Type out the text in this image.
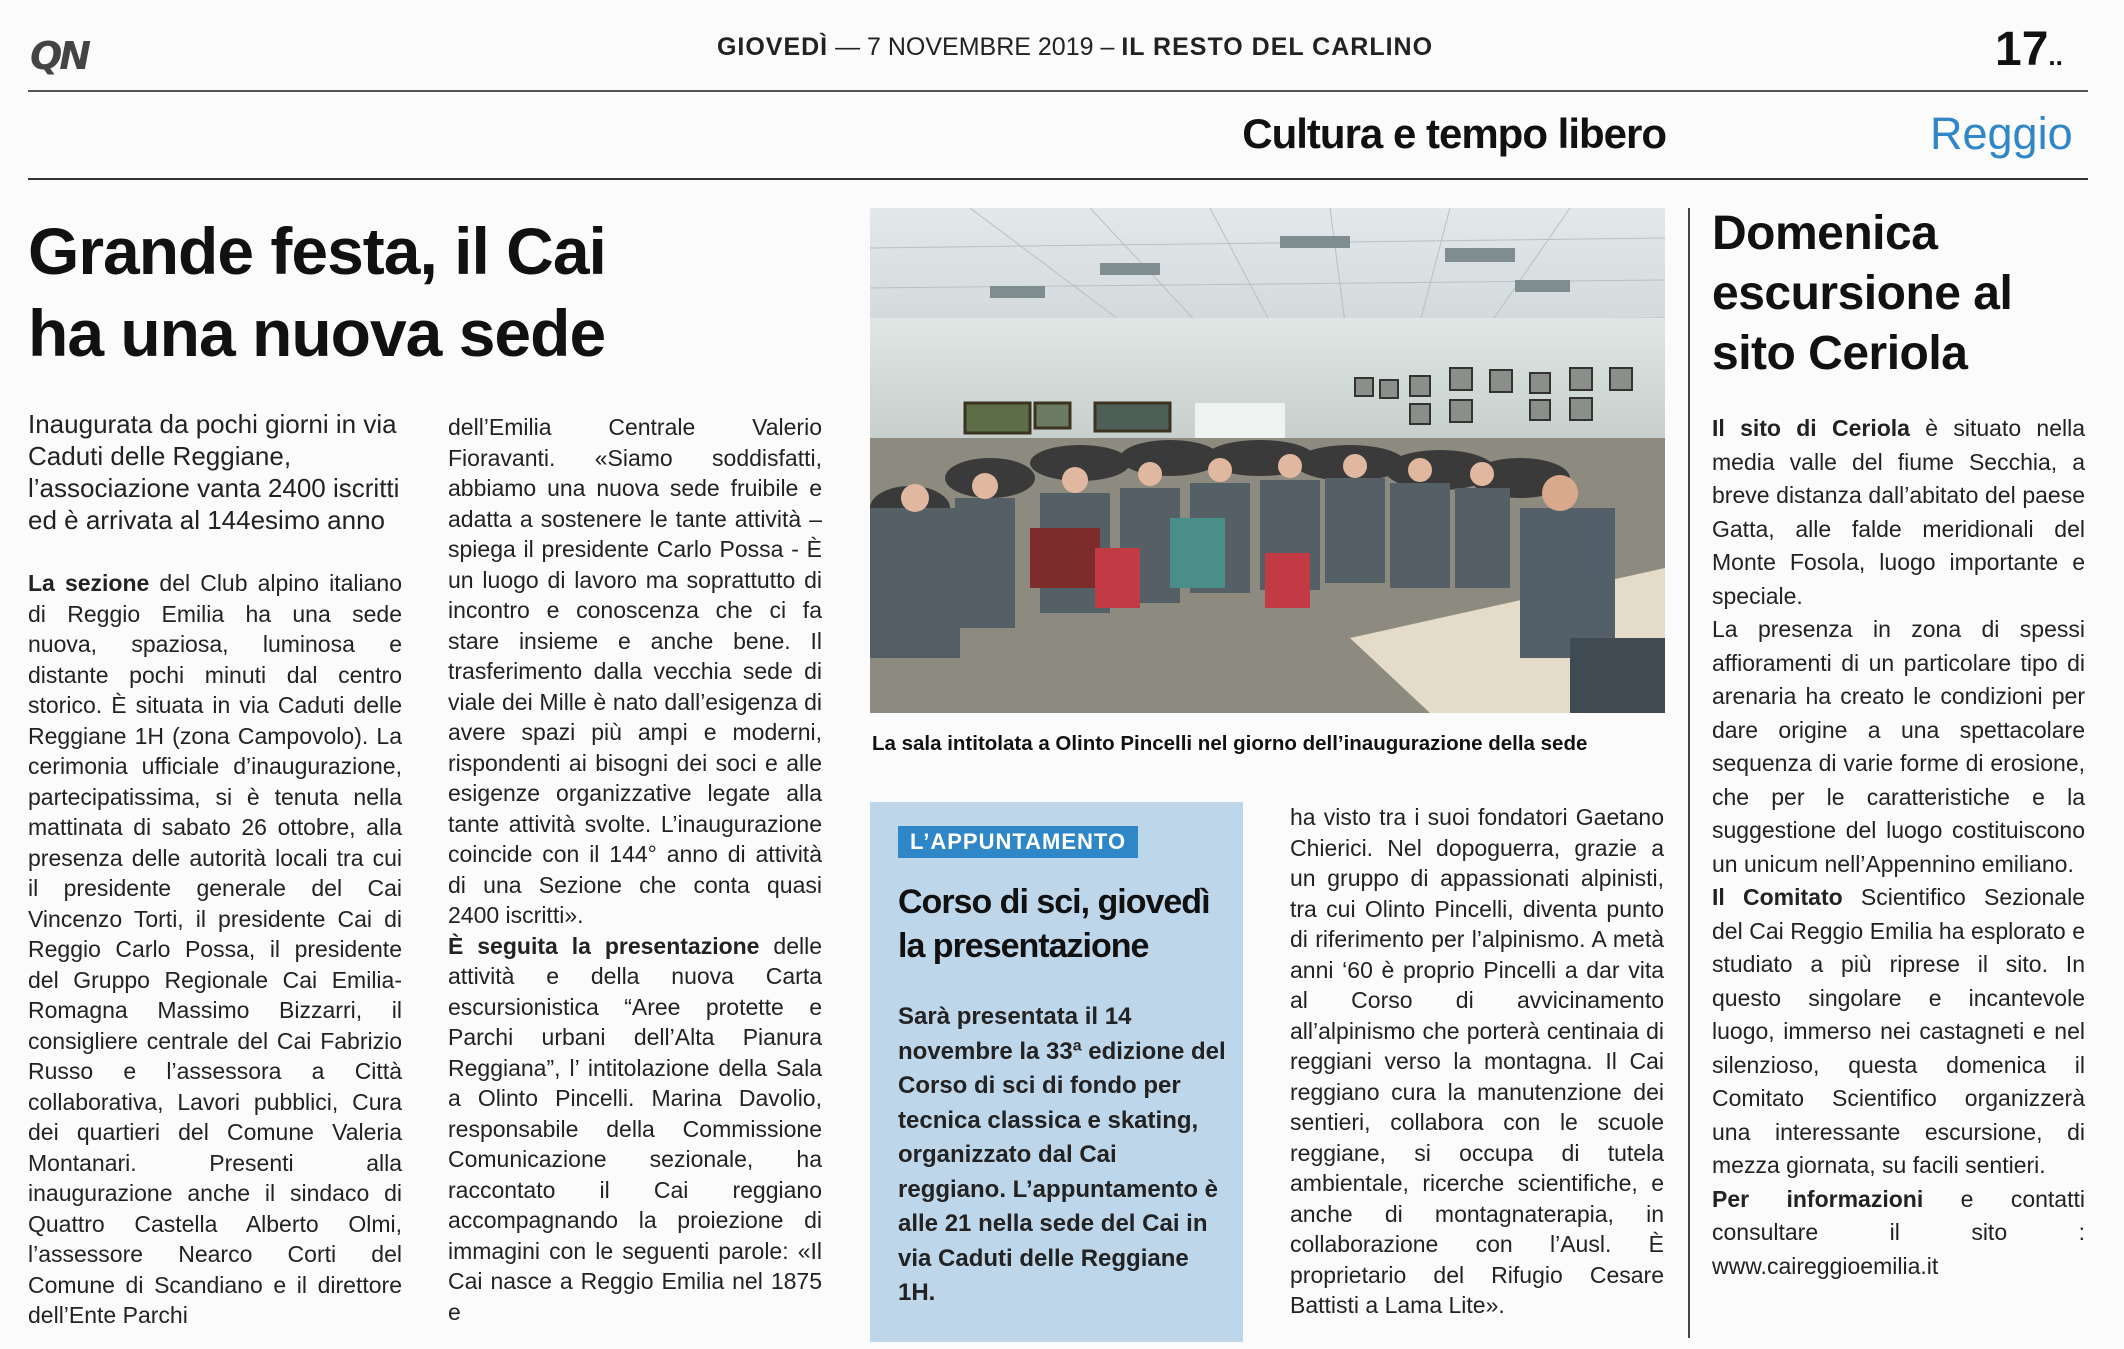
QN	GIOVEDÌ — 7 NOVEMBRE 2019 – IL RESTO DEL CARLINO	17..
Cultura e tempo libero	Reggio
Grande festa, il Cai
ha una nuova sede
Inaugurata da pochi giorni in via Caduti delle Reggiane, l’associazione vanta 2400 iscritti ed è arrivata al 144esimo anno

La sezione del Club alpino italiano di Reggio Emilia ha una sede nuova, spaziosa, luminosa e distante pochi minuti dal centro storico. È situata in via Caduti delle Reggiane 1H (zona Campovolo). La cerimonia ufficiale d’inaugurazione, partecipatissima, si è tenuta nella mattinata di sabato 26 ottobre, alla presenza delle autorità locali tra cui il presidente generale del Cai Vincenzo Torti, il presidente Cai di Reggio Carlo Possa, il presidente del Gruppo Regionale Cai Emilia-Romagna Massimo Bizzarri, il consigliere centrale del Cai Fabrizio Russo e l’assessora a Città collaborativa, Lavori pubblici, Cura dei quartieri del Comune Valeria Montanari. Presenti alla inaugurazione anche il sindaco di Quattro Castella Alberto Olmi, l’assessore Nearco Corti del Comune di Scandiano e il direttore dell’Ente Parchi

dell’Emilia Centrale Valerio Fioravanti. «Siamo soddisfatti, abbiamo una nuova sede fruibile e adatta a sostenere le tante attività – spiega il presidente Carlo Possa - È un luogo di lavoro ma soprattutto di incontro e conoscenza che ci fa stare insieme e anche bene. Il trasferimento dalla vecchia sede di viale dei Mille è nato dall’esigenza di avere spazi più ampi e moderni, rispondenti ai bisogni dei soci e alle esigenze organizzative legate alla tante attività svolte. L’inaugurazione coincide con il 144° anno di attività di una Sezione che conta quasi 2400 iscritti».

È seguita la presentazione delle attività e della nuova Carta escursionistica “Aree protette e Parchi urbani dell’Alta Pianura Reggiana”, l’ intitolazione della Sala a Olinto Pincelli. Marina Davolio, responsabile della Commissione Comunicazione sezionale, ha raccontato il Cai reggiano accompagnando la proiezione di immagini con le seguenti parole: «Il Cai nasce a Reggio Emilia nel 1875 e

La sala intitolata a Olinto Pincelli nel giorno dell’inaugurazione della sede
L’APPUNTAMENTO
Corso di sci, giovedì la presentazione
Sarà presentata il 14 novembre la 33ª edizione del Corso di sci di fondo per tecnica classica e skating, organizzato dal Cai reggiano. L’appuntamento è alle 21 nella sede del Cai in via Caduti delle Reggiane 1H.

ha visto tra i suoi fondatori Gaetano Chierici. Nel dopoguerra, grazie a un gruppo di appassionati alpinisti, tra cui Olinto Pincelli, diventa punto di riferimento per l’alpinismo. A metà anni ‘60 è proprio Pincelli a dar vita al Corso di avvicinamento all’alpinismo che porterà centinaia di reggiani verso la montagna. Il Cai reggiano cura la manutenzione dei sentieri, collabora con le scuole reggiane, si occupa di tutela ambientale, ricerche scientifiche, e anche di montagnaterapia, in collaborazione con l’Ausl. È proprietario del Rifugio Cesare Battisti a Lama Lite».

Domenica escursione al sito Ceriola

Il sito di Ceriola è situato nella media valle del fiume Secchia, a breve distanza dall’abitato del paese Gatta, alle falde meridionali del Monte Fosola, luogo importante e speciale.

La presenza in zona di spessi affioramenti di un particolare tipo di arenaria ha creato le condizioni per dare origine a una spettacolare sequenza di varie forme di erosione, che per le caratteristiche e la suggestione del luogo costituiscono un unicum nell’Appennino emiliano.

Il Comitato Scientifico Sezionale del Cai Reggio Emilia ha esplorato e studiato a più riprese il sito. In questo singolare e incantevole luogo, immerso nei castagneti e nel silenzioso, questa domenica il Comitato Scientifico organizzerà una interessante escursione, di mezza giornata, su facili sentieri.

Per informazioni e contatti consultare il sito : www.caireggioemilia.it
